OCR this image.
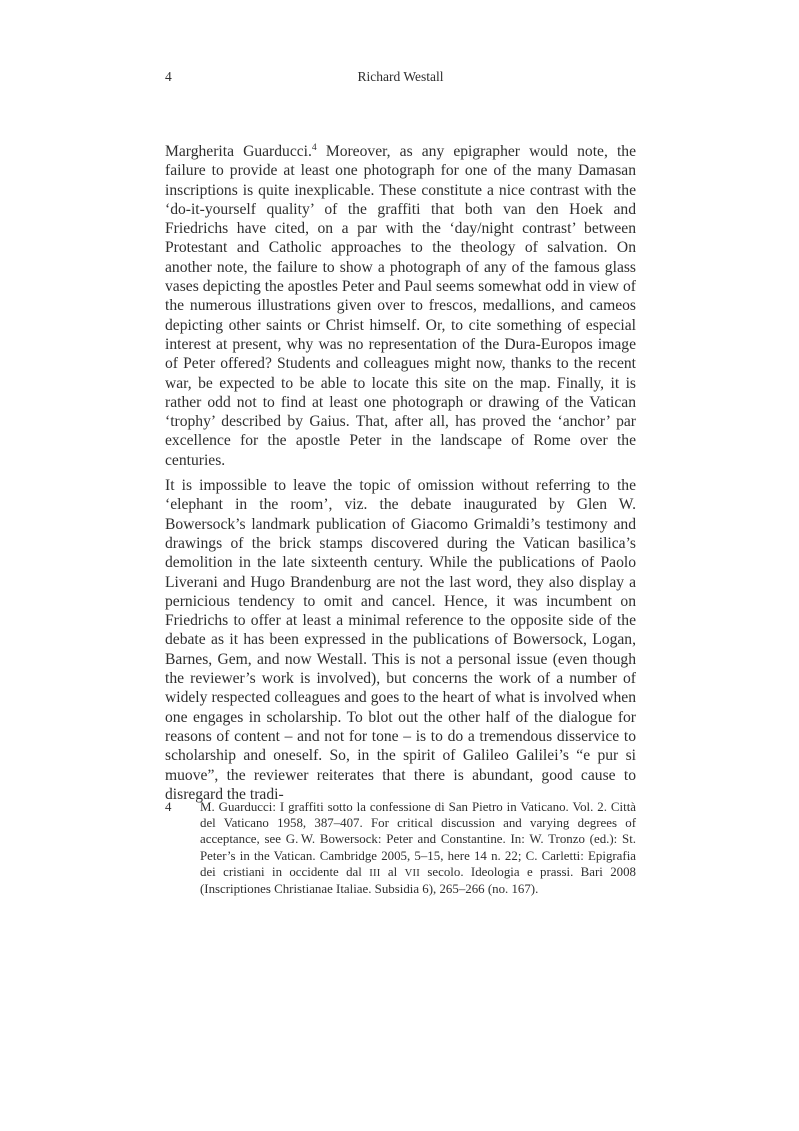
4	Richard Westall

Margherita Guarducci.$^4$ Moreover, as any epigrapher would note, the failure to provide at least one photograph for one of the many Damasan inscriptions is quite inexplicable. These constitute a nice contrast with the ‘do-it-yourself quality’ of the graffiti that both van den Hoek and Friedrichs have cited, on a par with the ‘day/night contrast’ between Protestant and Catholic approaches to the theology of salvation. On another note, the failure to show a photograph of any of the famous glass vases depicting the apostles Peter and Paul seems somewhat odd in view of the numerous illustrations given over to frescos, medallions, and cameos depicting other saints or Christ himself. Or, to cite something of especial interest at present, why was no representation of the Dura-Europos image of Peter offered? Students and colleagues might now, thanks to the recent war, be expected to be able to locate this site on the map. Finally, it is rather odd not to find at least one photograph or drawing of the Vatican ‘trophy’ described by Gaius. That, after all, has proved the ‘anchor’ par excellence for the apostle Peter in the landscape of Rome over the centuries.

It is impossible to leave the topic of omission without referring to the ‘elephant in the room’, viz. the debate inaugurated by Glen W. Bowersock’s landmark publication of Giacomo Grimaldi’s testimony and drawings of the brick stamps discovered during the Vatican basilica’s demolition in the late sixteenth century. While the publications of Paolo Liverani and Hugo Brandenburg are not the last word, they also display a pernicious tendency to omit and cancel. Hence, it was incumbent on Friedrichs to offer at least a minimal reference to the opposite side of the debate as it has been expressed in the publications of Bowersock, Logan, Barnes, Gem, and now Westall. This is not a personal issue (even though the reviewer’s work is involved), but concerns the work of a number of widely respected colleagues and goes to the heart of what is involved when one engages in scholarship. To blot out the other half of the dialogue for reasons of content – and not for tone – is to do a tremendous disservice to scholarship and oneself. So, in the spirit of Galileo Galilei’s “e pur si muove”, the reviewer reiterates that there is abundant, good cause to disregard the tradi-

4	M. Guarducci: I graffiti sotto la confessione di San Pietro in Vaticano. Vol. 2. Città del Vaticano 1958, 387–407. For critical discussion and varying degrees of acceptance, see G. W. Bowersock: Peter and Constantine. In: W. Tronzo (ed.): St. Peter’s in the Vatican. Cambridge 2005, 5–15, here 14 n. 22; C. Carletti: Epigrafia dei cristiani in occidente dal III al VII secolo. Ideologia e prassi. Bari 2008 (Inscriptiones Christianae Italiae. Subsidia 6), 265–266 (no. 167).
